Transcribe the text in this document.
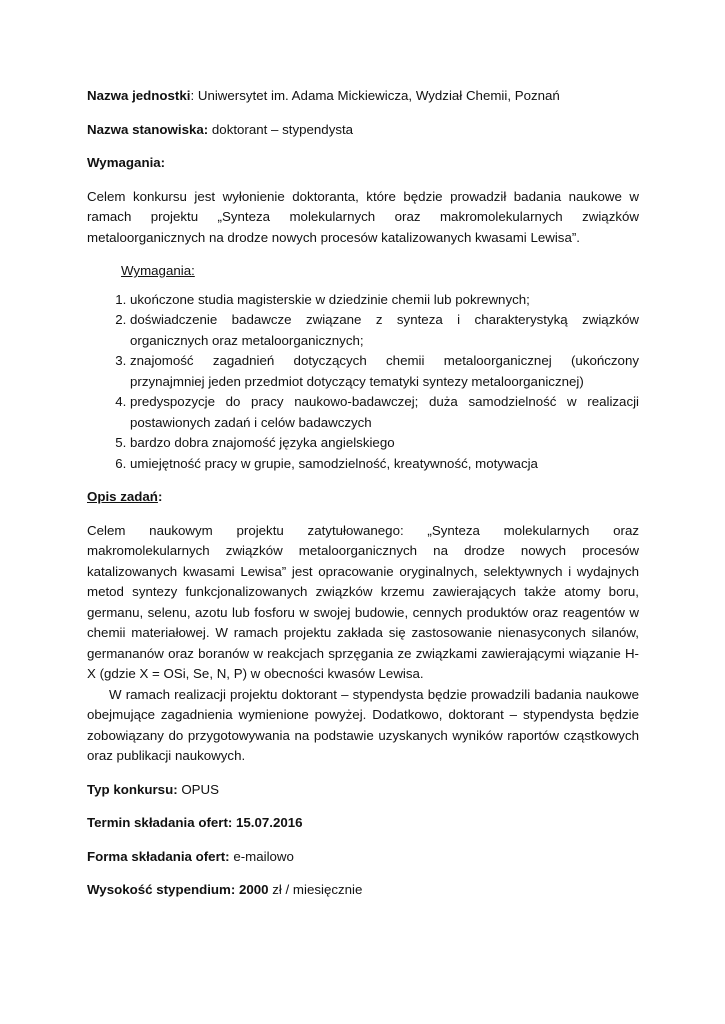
Nazwa jednostki: Uniwersytet im. Adama Mickiewicza, Wydział Chemii, Poznań

Nazwa stanowiska: doktorant – stypendysta

Wymagania:

Celem konkursu jest wyłonienie doktoranta, które będzie prowadził badania naukowe w ramach projektu „Synteza molekularnych oraz makromolekularnych związków metaloorganicznych na drodze nowych procesów katalizowanych kwasami Lewisa”.

Wymagania:

1. ukończone studia magisterskie w dziedzinie chemii lub pokrewnych;
2. doświadczenie badawcze związane z synteza i charakterystyką związków organicznych oraz metaloorganicznych;
3. znajomość zagadnień dotyczących chemii metaloorganicznej (ukończony przynajmniej jeden przedmiot dotyczący tematyki syntezy metaloorganicznej)
4. predyspozycje do pracy naukowo-badawczej; duża samodzielność w realizacji postawionych zadań i celów badawczych
5. bardzo dobra znajomość języka angielskiego
6. umiejętność pracy w grupie, samodzielność, kreatywność, motywacja

Opis zadań:

Celem naukowym projektu zatytułowanego: „Synteza molekularnych oraz makromolekularnych związków metaloorganicznych na drodze nowych procesów katalizowanych kwasami Lewisa” jest opracowanie oryginalnych, selektywnych i wydajnych metod syntezy funkcjonalizowanych związków krzemu zawierających także atomy boru, germanu, selenu, azotu lub fosforu w swojej budowie, cennych produktów oraz reagentów w chemii materiałowej. W ramach projektu zakłada się zastosowanie nienasyconych silanów, germananów oraz boranów w reakcjach sprzęgania ze związkami zawierającymi wiązanie H-X (gdzie X = OSi, Se, N, P) w obecności kwasów Lewisa.

W ramach realizacji projektu doktorant – stypendysta będzie prowadzili badania naukowe obejmujące zagadnienia wymienione powyżej. Dodatkowo, doktorant – stypendysta będzie zobowiązany do przygotowywania na podstawie uzyskanych wyników raportów cząstkowych oraz publikacji naukowych.

Typ konkursu: OPUS

Termin składania ofert: 15.07.2016

Forma składania ofert: e-mailowo

Wysokość stypendium: 2000 zł / miesięcznie
